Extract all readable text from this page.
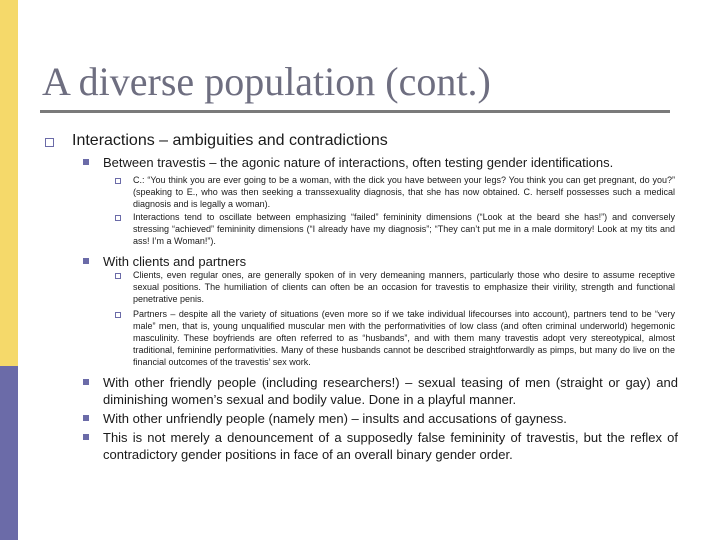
A diverse population (cont.)
Interactions – ambiguities and contradictions
Between travestis – the agonic nature of interactions, often testing gender identifications.
C.: “You think you are ever going to be a woman, with the dick you have between your legs? You think you can get pregnant, do you?” (speaking to E., who was then seeking a transsexuality diagnosis, that she has now obtained. C. herself possesses such a medical diagnosis and is legally a woman).
Interactions tend to oscillate between emphasizing “failed” femininity dimensions (“Look at the beard she has!”) and conversely stressing “achieved” femininity dimensions (“I already have my diagnosis”; “They can’t put me in a male dormitory! Look at my tits and ass! I’m a Woman!”).
With clients and partners
Clients, even regular ones, are generally spoken of in very demeaning manners, particularly those who desire to assume receptive sexual positions. The humiliation of clients can often be an occasion for travestis to emphasize their virility, strength and functional penetrative penis.
Partners – despite all the variety of situations (even more so if we take individual lifecourses into account), partners tend to be “very male” men, that is, young unqualified muscular men with the performativities of low class (and often criminal underworld) hegemonic masculinity. These boyfriends are often referred to as “husbands”, and with them many travestis adopt very stereotypical, almost traditional, feminine performativities. Many of these husbands cannot be described straightforwardly as pimps, but many do live on the financial outcomes of the travestis’ sex work.
With other friendly people (including researchers!) – sexual teasing of men (straight or gay) and diminishing women’s sexual and bodily value. Done in a playful manner.
With other unfriendly people (namely men) – insults and accusations of gayness.
This is not merely a denouncement of a supposedly false femininity of travestis, but the reflex of contradictory gender positions in face of an overall binary gender order.
